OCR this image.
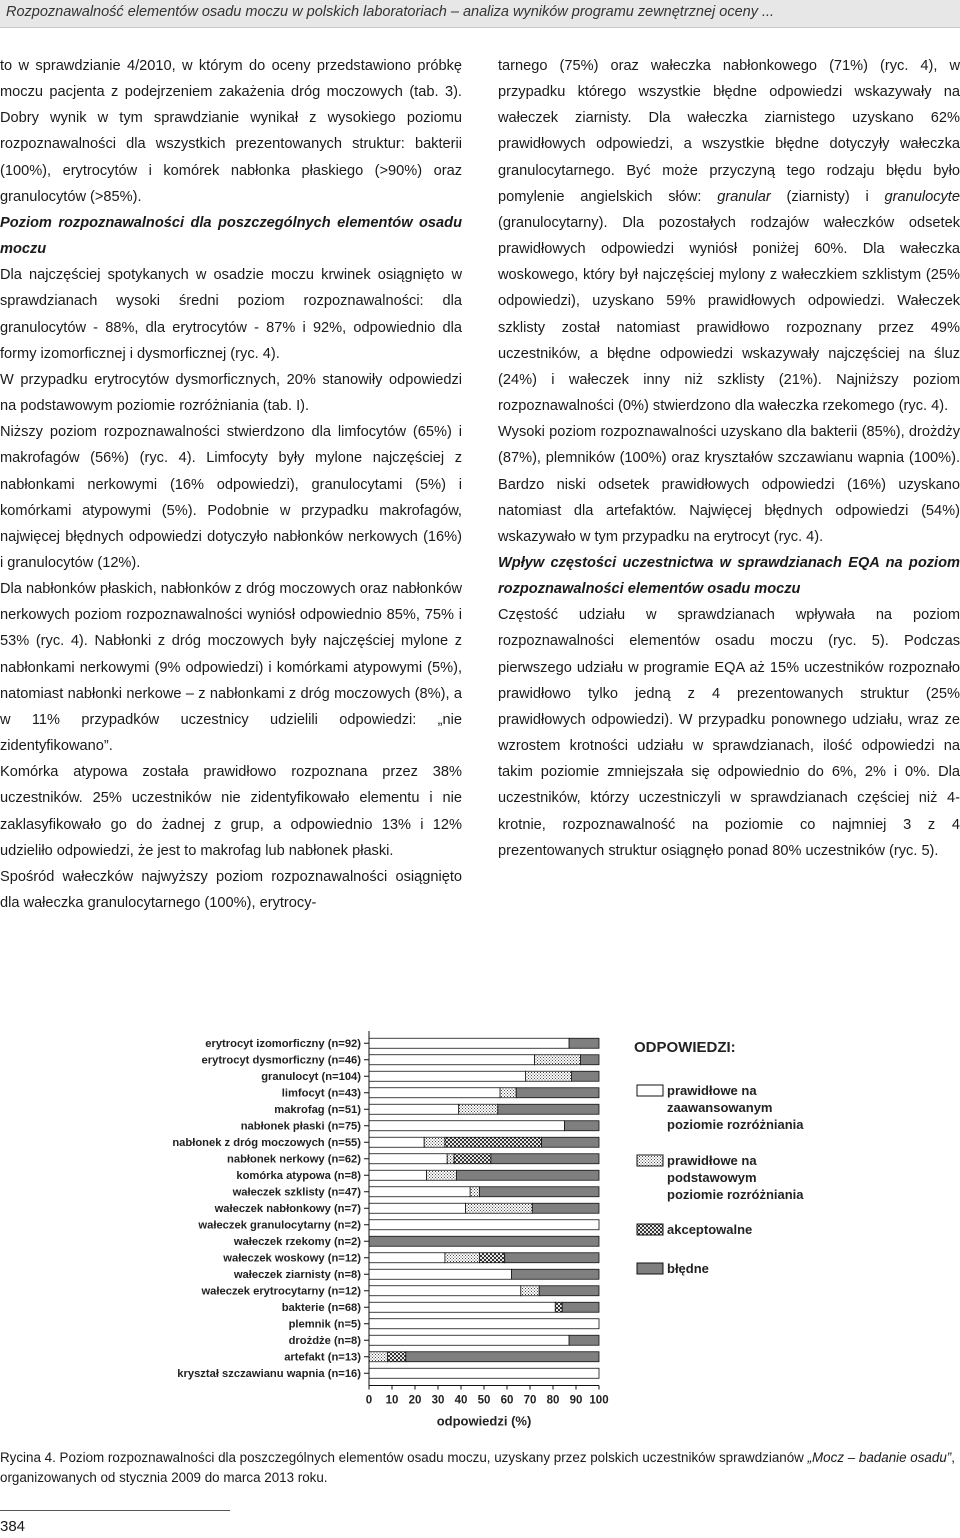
Rozpoznawalność elementów osadu moczu w polskich laboratoriach – analiza wyników programu zewnętrznej oceny ...

to w sprawdzianie 4/2010, w którym do oceny przedstawiono próbkę moczu pacjenta z podejrzeniem zakażenia dróg moczowych (tab. 3). Dobry wynik w tym sprawdzianie wynikał z wysokiego poziomu rozpoznawalności dla wszystkich prezentowanych struktur: bakterii (100%), erytrocytów i komórek nabłonka płaskiego (>90%) oraz granulocytów (>85%).

Poziom rozpoznawalności dla poszczególnych elementów osadu moczu

Dla najczęściej spotykanych w osadzie moczu krwinek osiągnięto w sprawdzianach wysoki średni poziom rozpoznawalności: dla granulocytów - 88%, dla erytrocytów - 87% i 92%, odpowiednio dla formy izomorficznej i dysmorficznej (ryc. 4).

W przypadku erytrocytów dysmorficznych, 20% stanowiły odpowiedzi na podstawowym poziomie rozróżniania (tab. I).

Niższy poziom rozpoznawalności stwierdzono dla limfocytów (65%) i makrofagów (56%) (ryc. 4). Limfocyty były mylone najczęściej z nabłonkami nerkowymi (16% odpowiedzi), granulocytami (5%) i komórkami atypowymi (5%). Podobnie w przypadku makrofagów, najwięcej błędnych odpowiedzi dotyczyło nabłonków nerkowych (16%) i granulocytów (12%).

Dla nabłonków płaskich, nabłonków z dróg moczowych oraz nabłonków nerkowych poziom rozpoznawalności wyniósł odpowiednio 85%, 75% i 53% (ryc. 4). Nabłonki z dróg moczowych były najczęściej mylone z nabłonkami nerkowymi (9% odpowiedzi) i komórkami atypowymi (5%), natomiast nabłonki nerkowe – z nabłonkami z dróg moczowych (8%), a w 11% przypadków uczestnicy udzielili odpowiedzi: „nie zidentyfikowano”.

Komórka atypowa została prawidłowo rozpoznana przez 38% uczestników. 25% uczestników nie zidentyfikowało elementu i nie zaklasyfikowało go do żadnej z grup, a odpowiednio 13% i 12% udzieliło odpowiedzi, że jest to makrofag lub nabłonek płaski.

Spośród wałeczków najwyższy poziom rozpoznawalności osiągnięto dla wałeczka granulocytarnego (100%), erytrocy-

tarnego (75%) oraz wałeczka nabłonkowego (71%) (ryc. 4), w przypadku którego wszystkie błędne odpowiedzi wskazywały na wałeczek ziarnisty. Dla wałeczka ziarnistego uzyskano 62% prawidłowych odpowiedzi, a wszystkie błędne dotyczyły wałeczka granulocytarnego. Być może przyczyną tego rodzaju błędu było pomylenie angielskich słów: granular (ziarnisty) i granulocyte (granulocytarny). Dla pozostałych rodzajów wałeczków odsetek prawidłowych odpowiedzi wyniósł poniżej 60%. Dla wałeczka woskowego, który był najczęściej mylony z wałeczkiem szklistym (25% odpowiedzi), uzyskano 59% prawidłowych odpowiedzi. Wałeczek szklisty został natomiast prawidłowo rozpoznany przez 49% uczestników, a błędne odpowiedzi wskazywały najczęściej na śluz (24%) i wałeczek inny niż szklisty (21%). Najniższy poziom rozpoznawalności (0%) stwierdzono dla wałeczka rzekomego (ryc. 4).

Wysoki poziom rozpoznawalności uzyskano dla bakterii (85%), drożdży (87%), plemników (100%) oraz kryształów szczawianu wapnia (100%). Bardzo niski odsetek prawidłowych odpowiedzi (16%) uzyskano natomiast dla artefaktów. Najwięcej błędnych odpowiedzi (54%) wskazywało w tym przypadku na erytrocyt (ryc. 4).

Wpływ częstości uczestnictwa w sprawdzianach EQA na poziom rozpoznawalności elementów osadu moczu

Częstość udziału w sprawdzianach wpływała na poziom rozpoznawalności elementów osadu moczu (ryc. 5). Podczas pierwszego udziału w programie EQA aż 15% uczestników rozpoznało prawidłowo tylko jedną z 4 prezentowanych struktur (25% prawidłowych odpowiedzi). W przypadku ponownego udziału, wraz ze wzrostem krotności udziału w sprawdzianach, ilość odpowiedzi na takim poziomie zmniejszała się odpowiednio do 6%, 2% i 0%. Dla uczestników, którzy uczestniczyli w sprawdzianach częściej niż 4-krotnie, rozpoznawalność na poziomie co najmniej 3 z 4 prezentowanych struktur osiągnęło ponad 80% uczestników (ryc. 5).

erytrocyt izomorficzny (n=92)
erytrocyt dysmorficzny (n=46)
granulocyt (n=104)
limfocyt (n=43)
makrofag (n=51)
nabłonek płaski (n=75)
nabłonek z dróg moczowych (n=55)
nabłonek nerkowy (n=62)
komórka atypowa (n=8)
wałeczek szklisty (n=47)
wałeczek nabłonkowy (n=7)
wałeczek granulocytarny (n=2)
wałeczek rzekomy (n=2)
wałeczek woskowy (n=12)
wałeczek ziarnisty (n=8)
wałeczek erytrocytarny (n=12)
bakterie (n=68)
plemnik (n=5)
drożdże (n=8)
artefakt (n=13)
kryształ szczawianu wapnia (n=16)
0 10 20 30 40 50 60 70 80 90 100
odpowiedzi (%)
ODPOWIEDZI:
prawidłowe na
zaawansowanym
poziomie rozróżniania
prawidłowe na
podstawowym
poziomie rozróżniania
akceptowalne
błędne
Rycina 4. Poziom rozpoznawalności dla poszczególnych elementów osadu moczu, uzyskany przez polskich uczestników sprawdzianów „Mocz – badanie osadu”, organizowanych od stycznia 2009 do marca 2013 roku.
384
